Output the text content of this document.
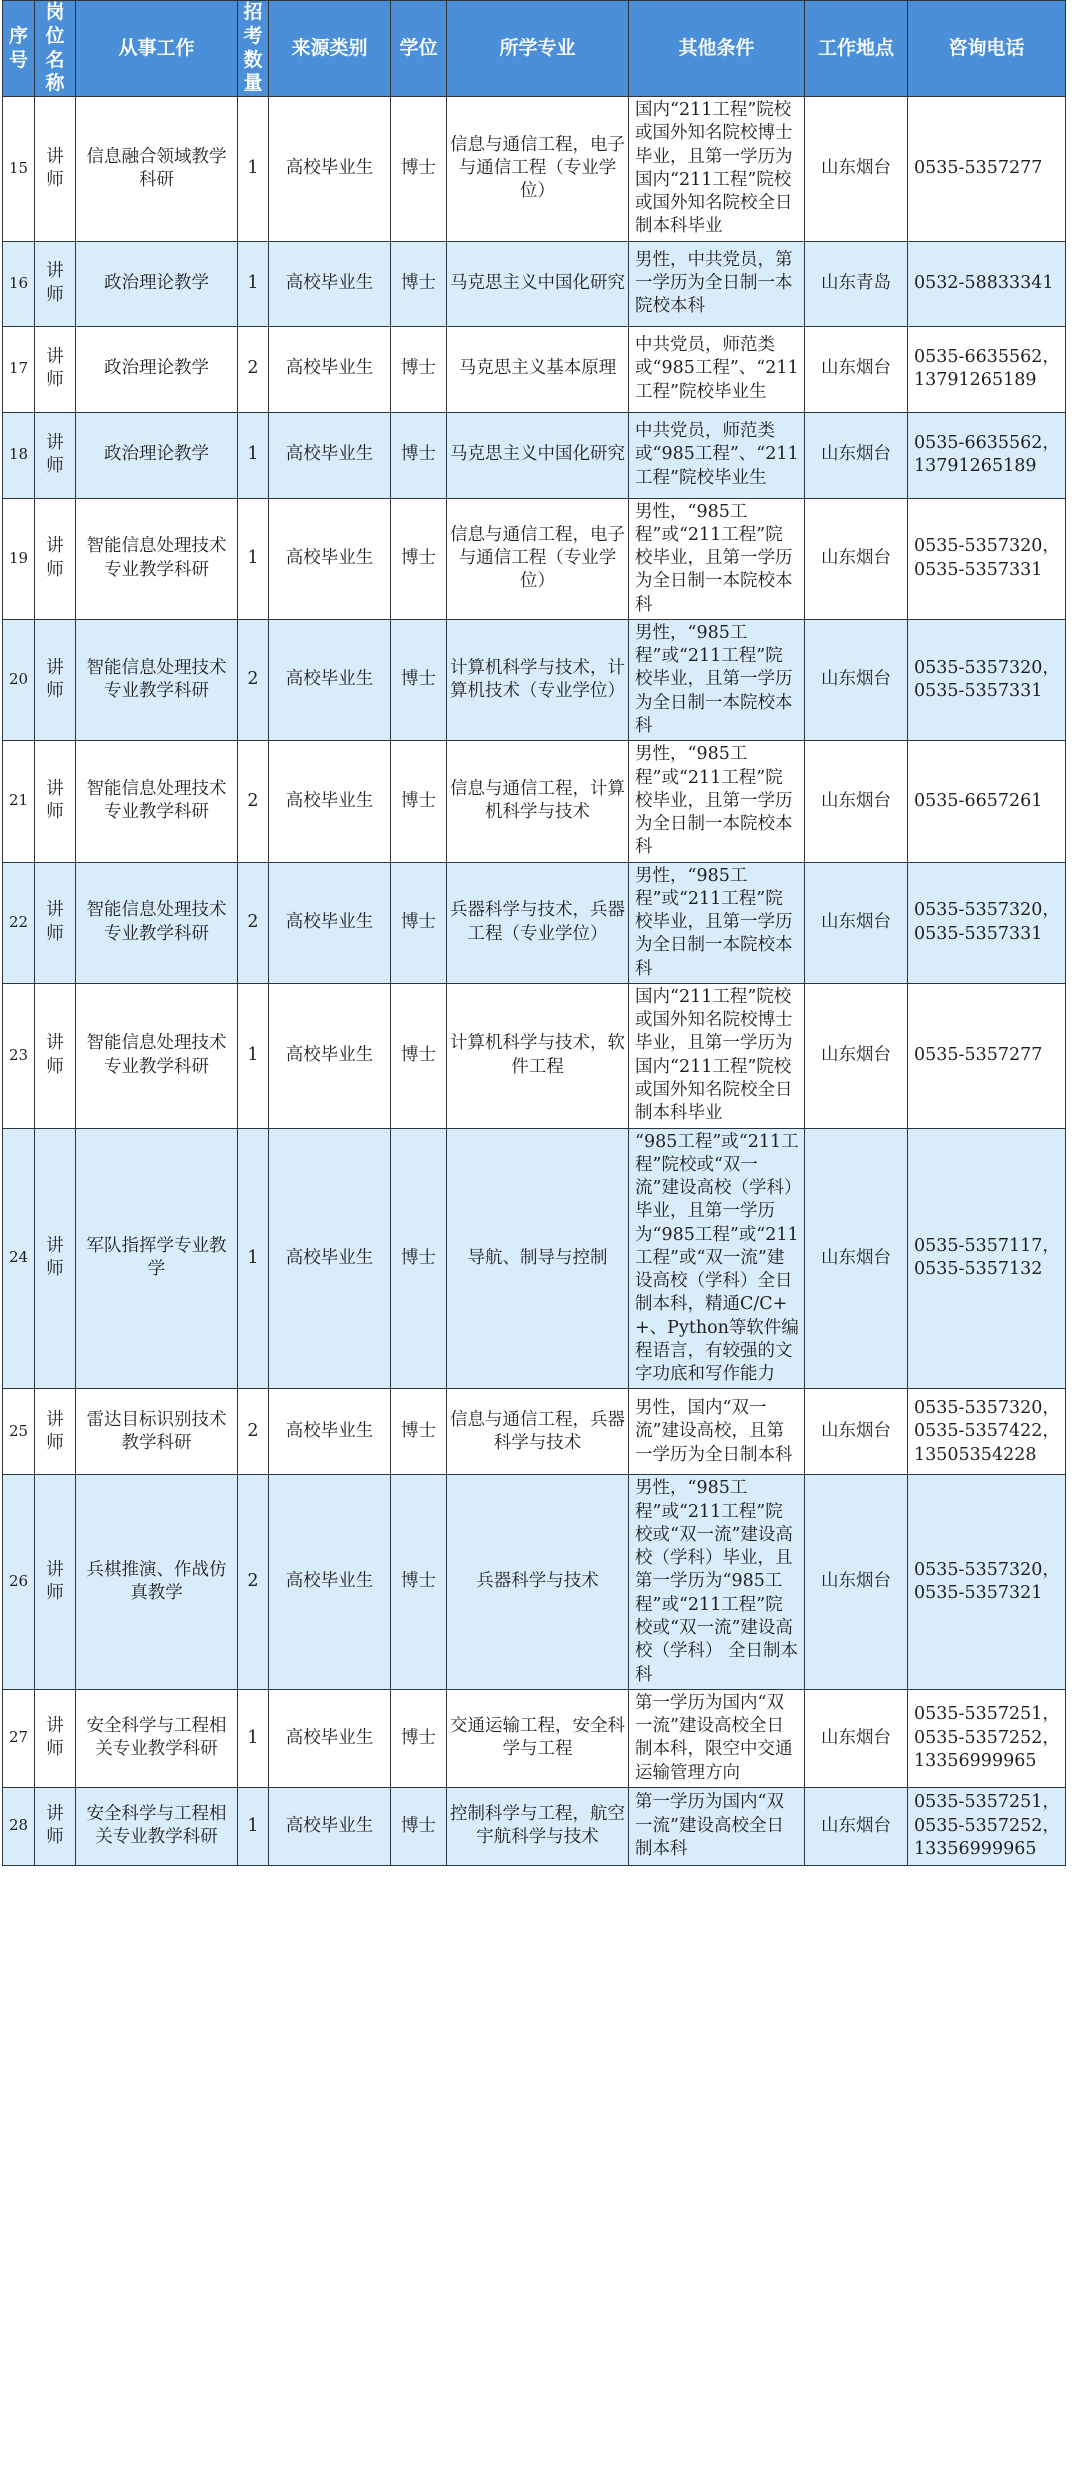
序号	岗位名称	从事工作	招考数量	来源类别	学位	所学专业	其他条件	工作地点	咨询电话
15	讲师	信息融合领域教学科研	1	高校毕业生	博士	信息与通信工程，电子与通信工程（专业学位）	国内“211工程”院校或国外知名院校博士毕业，且第一学历为国内“211工程”院校或国外知名院校全日制本科毕业	山东烟台	0535-5357277
16	讲师	政治理论教学	1	高校毕业生	博士	马克思主义中国化研究	男性，中共党员，第一学历为全日制一本院校本科	山东青岛	0532-58833341
17	讲师	政治理论教学	2	高校毕业生	博士	马克思主义基本原理	中共党员，师范类或“985工程”、“211工程”院校毕业生	山东烟台	0535-6635562，13791265189
18	讲师	政治理论教学	1	高校毕业生	博士	马克思主义中国化研究	中共党员，师范类或“985工程”、“211工程”院校毕业生	山东烟台	0535-6635562，13791265189
19	讲师	智能信息处理技术专业教学科研	1	高校毕业生	博士	信息与通信工程，电子与通信工程（专业学位）	男性，“985工程”或“211工程”院校毕业，且第一学历为全日制一本院校本科	山东烟台	0535-5357320，0535-5357331
20	讲师	智能信息处理技术专业教学科研	2	高校毕业生	博士	计算机科学与技术，计算机技术（专业学位）	男性，“985工程”或“211工程”院校毕业，且第一学历为全日制一本院校本科	山东烟台	0535-5357320，0535-5357331
21	讲师	智能信息处理技术专业教学科研	2	高校毕业生	博士	信息与通信工程，计算机科学与技术	男性，“985工程”或“211工程”院校毕业，且第一学历为全日制一本院校本科	山东烟台	0535-6657261
22	讲师	智能信息处理技术专业教学科研	2	高校毕业生	博士	兵器科学与技术，兵器工程（专业学位）	男性，“985工程”或“211工程”院校毕业，且第一学历为全日制一本院校本科	山东烟台	0535-5357320，0535-5357331
23	讲师	智能信息处理技术专业教学科研	1	高校毕业生	博士	计算机科学与技术，软件工程	国内“211工程”院校或国外知名院校博士毕业，且第一学历为国内“211工程”院校或国外知名院校全日制本科毕业	山东烟台	0535-5357277
24	讲师	军队指挥学专业教学	1	高校毕业生	博士	导航、制导与控制	“985工程”或“211工程”院校或“双一流”建设高校（学科）毕业，且第一学历为“985工程”或“211工程”或“双一流”建设高校（学科）全日制本科，精通C/C++、Python等软件编程语言，有较强的文字功底和写作能力	山东烟台	0535-5357117，0535-5357132
25	讲师	雷达目标识别技术教学科研	2	高校毕业生	博士	信息与通信工程，兵器科学与技术	男性，国内“双一流”建设高校，且第一学历为全日制本科	山东烟台	0535-5357320，0535-5357422，13505354228
26	讲师	兵棋推演、作战仿真教学	2	高校毕业生	博士	兵器科学与技术	男性，“985工程”或“211工程”院校或“双一流”建设高校（学科）毕业，且第一学历为“985工程”或“211工程”院校或“双一流”建设高校（学科） 全日制本科	山东烟台	0535-5357320，0535-5357321
27	讲师	安全科学与工程相关专业教学科研	1	高校毕业生	博士	交通运输工程，安全科学与工程	第一学历为国内“双一流”建设高校全日制本科，限空中交通运输管理方向	山东烟台	0535-5357251，0535-5357252，13356999965
28	讲师	安全科学与工程相关专业教学科研	1	高校毕业生	博士	控制科学与工程，航空宇航科学与技术	第一学历为国内“双一流”建设高校全日制本科	山东烟台	0535-5357251，0535-5357252，13356999965
